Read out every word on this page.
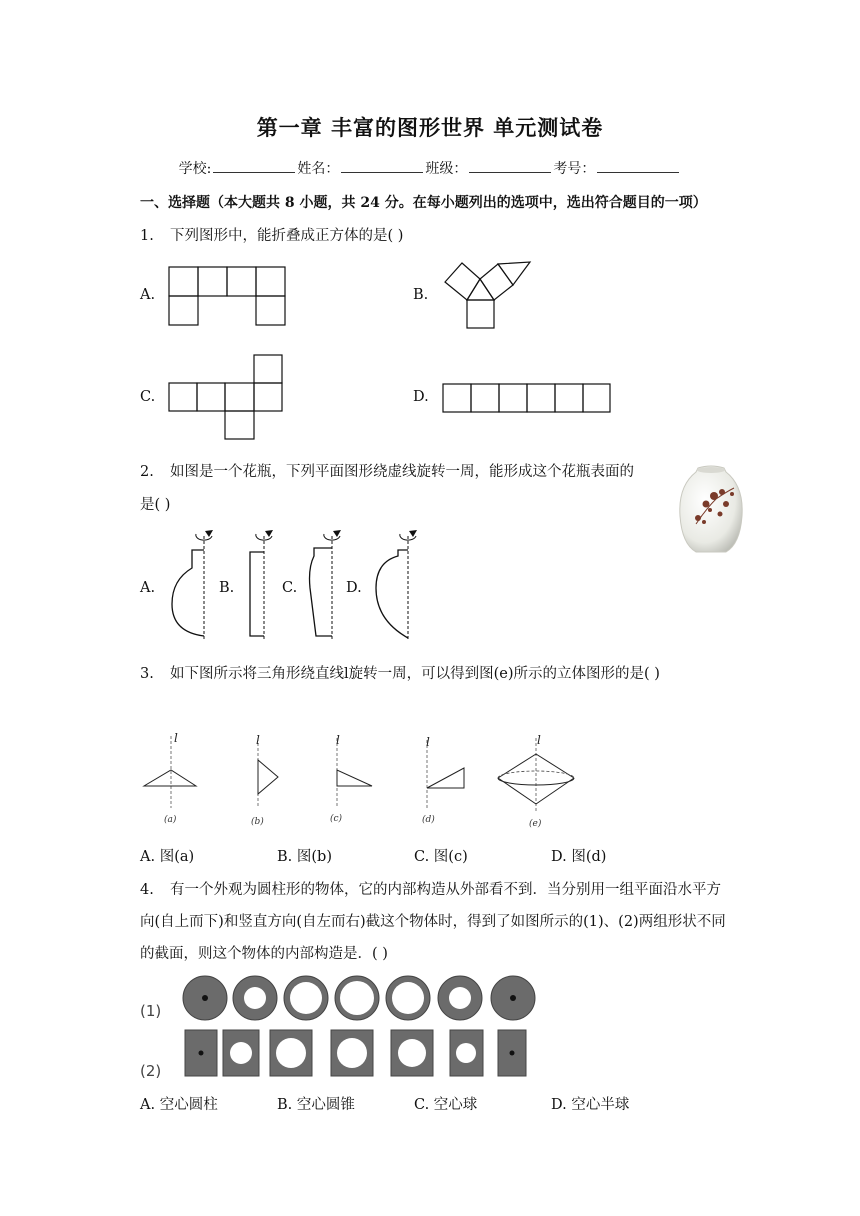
第一章 丰富的图形世界 单元测试卷
学校:	姓名：	班级：	考号：
一、选择题（本大题共 8 小题，共 24 分。在每小题列出的选项中，选出符合题目的一项）
1. 下列图形中，能折叠成正方体的是( )
A.	B.
C.	D.
2. 如图是一个花瓶，下列平面图形绕虚线旋转一周，能形成这个花瓶表面的
是( )
A.	B.	C.	D.
3. 如下图所示将三角形绕直线l旋转一周，可以得到图(e)所示的立体图形的是( )
l
(a)
l
(b)
l
(c)
l
(d)
l
(e)
A. 图(a)	B. 图(b)	C. 图(c)	D. 图(d)
4. 有一个外观为圆柱形的物体，它的内部构造从外部看不到．当分别用一组平面沿水平方
向(自上而下)和竖直方向(自左而右)截这个物体时，得到了如图所示的(1)、(2)两组形状不同
的截面，则这个物体的内部构造是．( )
(1)
(2)
A. 空心圆柱	B. 空心圆锥	C. 空心球	D. 空心半球
